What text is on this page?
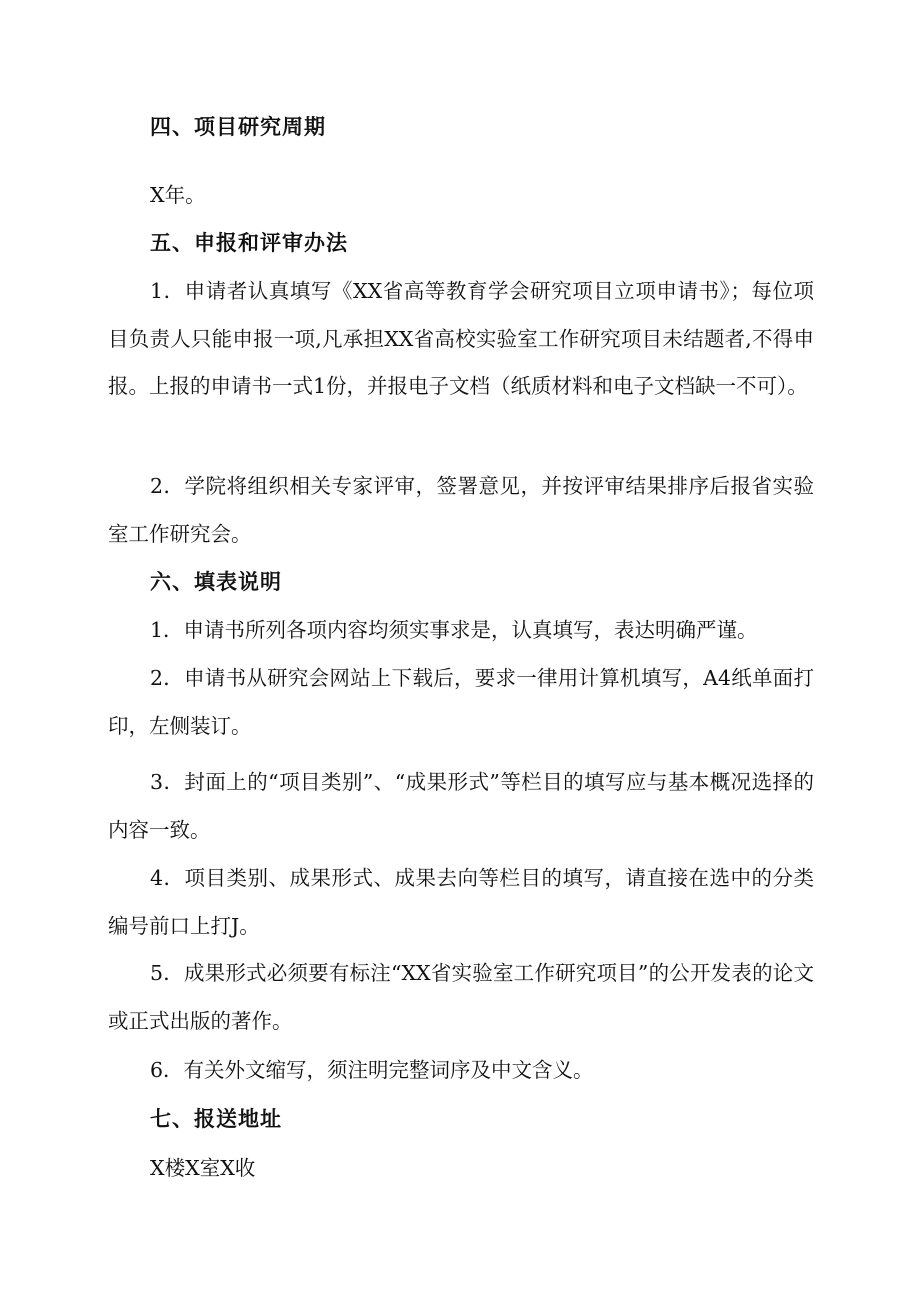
四、项目研究周期

X年。

五、申报和评审办法

1．申请者认真填写《XX省高等教育学会研究项目立项申请书》；每位项目负责人只能申报一项,凡承担XX省高校实验室工作研究项目未结题者,不得申报。上报的申请书一式1份，并报电子文档（纸质材料和电子文档缺一不可）。

2．学院将组织相关专家评审，签署意见，并按评审结果排序后报省实验室工作研究会。

六、填表说明

1．申请书所列各项内容均须实事求是，认真填写，表达明确严谨。

2．申请书从研究会网站上下载后，要求一律用计算机填写，A4纸单面打印，左侧装订。

3．封面上的“项目类别”、“成果形式”等栏目的填写应与基本概况选择的内容一致。

4．项目类别、成果形式、成果去向等栏目的填写，请直接在选中的分类编号前口上打J。

5．成果形式必须要有标注“XX省实验室工作研究项目”的公开发表的论文或正式出版的著作。

6．有关外文缩写，须注明完整词序及中文含义。

七、报送地址

X楼X室X收
